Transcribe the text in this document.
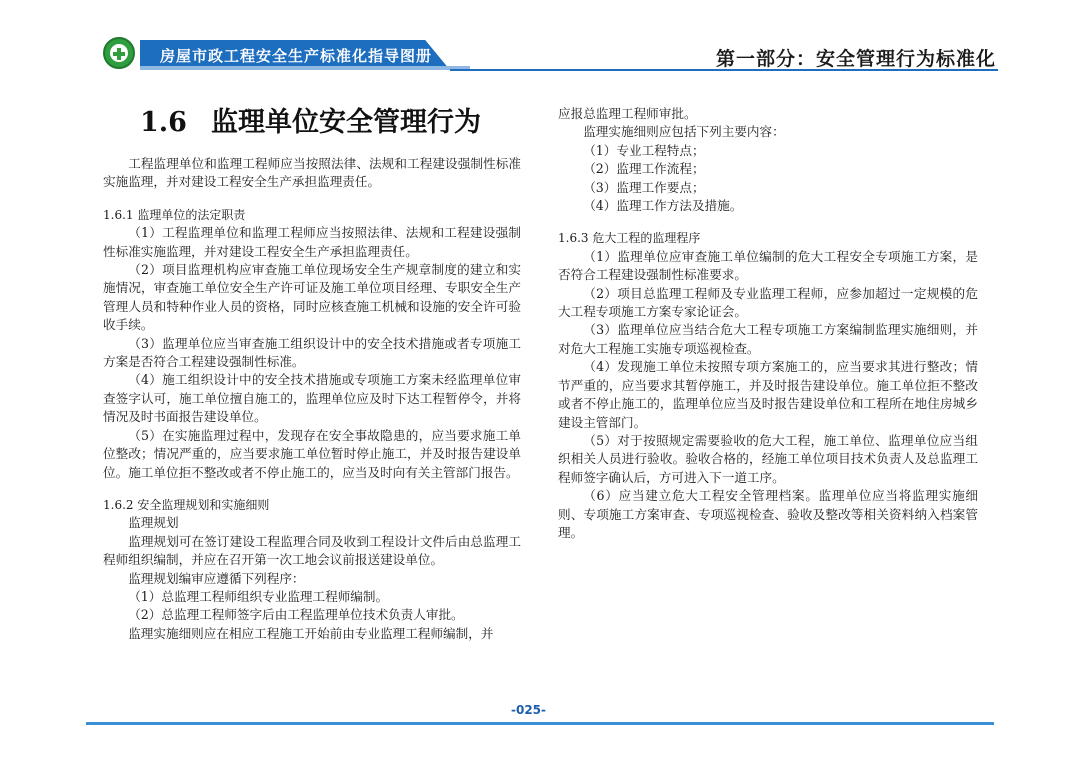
房屋市政工程安全生产标准化指导图册	第一部分：安全管理行为标准化
1.6 监理单位安全管理行为

工程监理单位和监理工程师应当按照法律、法规和工程建设强制性标准实施监理，并对建设工程安全生产承担监理责任。

1.6.1 监理单位的法定职责

（1）工程监理单位和监理工程师应当按照法律、法规和工程建设强制性标准实施监理，并对建设工程安全生产承担监理责任。

（2）项目监理机构应审查施工单位现场安全生产规章制度的建立和实施情况，审查施工单位安全生产许可证及施工单位项目经理、专职安全生产管理人员和特种作业人员的资格，同时应核查施工机械和设施的安全许可验收手续。

（3）监理单位应当审查施工组织设计中的安全技术措施或者专项施工方案是否符合工程建设强制性标准。

（4）施工组织设计中的安全技术措施或专项施工方案未经监理单位审查签字认可，施工单位擅自施工的，监理单位应及时下达工程暂停令，并将情况及时书面报告建设单位。

（5）在实施监理过程中，发现存在安全事故隐患的，应当要求施工单位整改；情况严重的，应当要求施工单位暂时停止施工，并及时报告建设单位。施工单位拒不整改或者不停止施工的，应当及时向有关主管部门报告。

1.6.2 安全监理规划和实施细则

监理规划

监理规划可在签订建设工程监理合同及收到工程设计文件后由总监理工程师组织编制，并应在召开第一次工地会议前报送建设单位。

监理规划编审应遵循下列程序：

（1）总监理工程师组织专业监理工程师编制。

（2）总监理工程师签字后由工程监理单位技术负责人审批。

监理实施细则应在相应工程施工开始前由专业监理工程师编制，并

应报总监理工程师审批。

监理实施细则应包括下列主要内容：

（1）专业工程特点；

（2）监理工作流程；

（3）监理工作要点；

（4）监理工作方法及措施。

1.6.3 危大工程的监理程序

（1）监理单位应审查施工单位编制的危大工程安全专项施工方案，是否符合工程建设强制性标准要求。

（2）项目总监理工程师及专业监理工程师，应参加超过一定规模的危大工程专项施工方案专家论证会。

（3）监理单位应当结合危大工程专项施工方案编制监理实施细则，并对危大工程施工实施专项巡视检查。

（4）发现施工单位未按照专项方案施工的，应当要求其进行整改；情节严重的，应当要求其暂停施工，并及时报告建设单位。施工单位拒不整改或者不停止施工的，监理单位应当及时报告建设单位和工程所在地住房城乡建设主管部门。

（5）对于按照规定需要验收的危大工程，施工单位、监理单位应当组织相关人员进行验收。验收合格的，经施工单位项目技术负责人及总监理工程师签字确认后，方可进入下一道工序。

（6）应当建立危大工程安全管理档案。监理单位应当将监理实施细则、专项施工方案审查、专项巡视检查、验收及整改等相关资料纳入档案管理。

-025-
